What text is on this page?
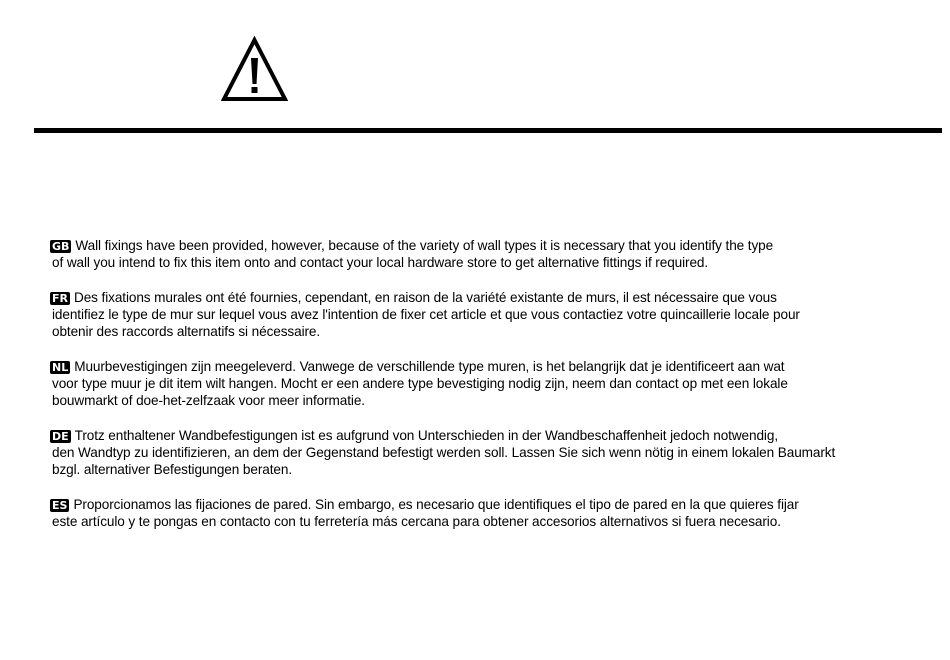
GB Wall fixings have been provided, however, because of the variety of wall types it is necessary that you identify the type
of wall you intend to fix this item onto and contact your local hardware store to get alternative fittings if required.

FR Des fixations murales ont été fournies, cependant, en raison de la variété existante de murs, il est nécessaire que vous
identifiez le type de mur sur lequel vous avez l'intention de fixer cet article et que vous contactiez votre quincaillerie locale pour
obtenir des raccords alternatifs si nécessaire.

NL Muurbevestigingen zijn meegeleverd. Vanwege de verschillende type muren, is het belangrijk dat je identificeert aan wat
voor type muur je dit item wilt hangen. Mocht er een andere type bevestiging nodig zijn, neem dan contact op met een lokale
bouwmarkt of doe-het-zelfzaak voor meer informatie.

DE Trotz enthaltener Wandbefestigungen ist es aufgrund von Unterschieden in der Wandbeschaffenheit jedoch notwendig,
den Wandtyp zu identifizieren, an dem der Gegenstand befestigt werden soll. Lassen Sie sich wenn nötig in einem lokalen Baumarkt
bzgl. alternativer Befestigungen beraten.

ES Proporcionamos las fijaciones de pared. Sin embargo, es necesario que identifiques el tipo de pared en la que quieres fijar
este artículo y te pongas en contacto con tu ferretería más cercana para obtener accesorios alternativos si fuera necesario.
